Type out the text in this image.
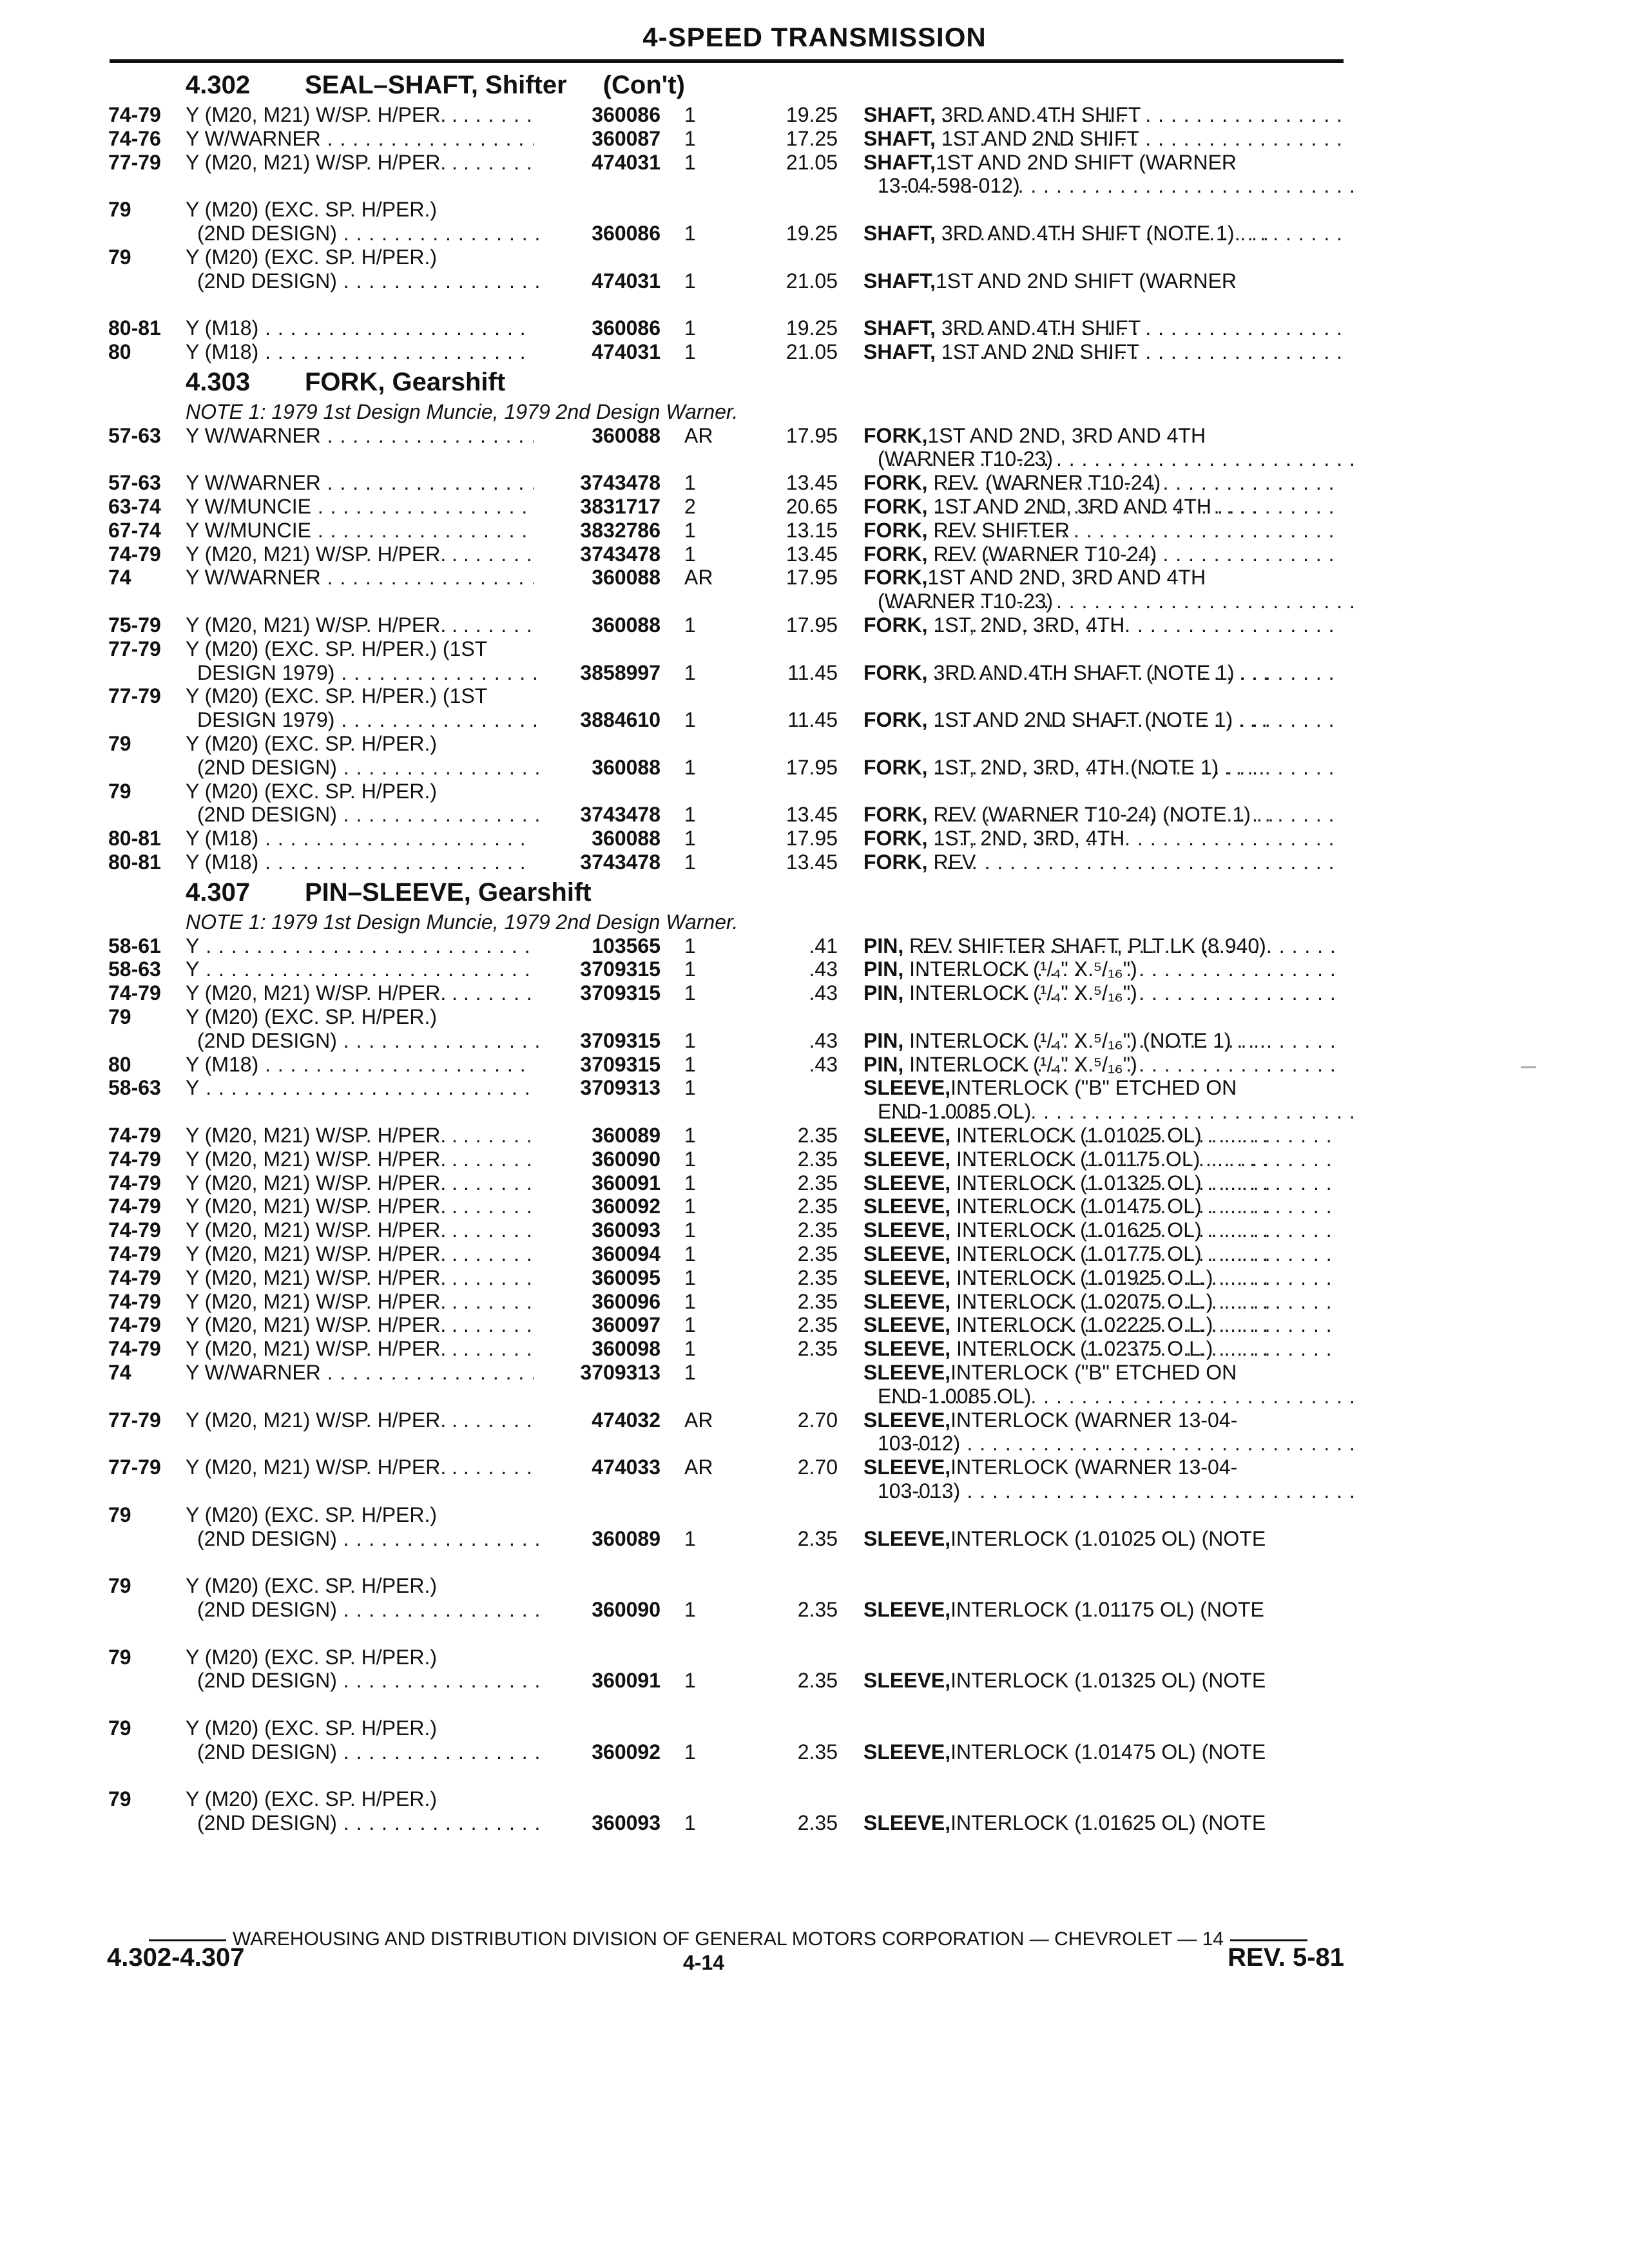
4-SPEED TRANSMISSION
4.302 SEAL–SHAFT, Shifter (Con't)
74-79 Y (M20, M21) W/SP. H/PER. . . . . .	360086 1	19.25 SHAFT, 3RD AND 4TH SHIFT
. . .
74-76 Y W/WARNER . . .	360087 1	17.25 SHAFT, 1ST AND 2ND SHIFT
. . .
77-79 Y (M20, M21) W/SP. H/PER. . . . . .	474031 1	21.05 SHAFT, 1ST AND 2ND SHIFT (WARNER
13-04-598-012)
. . .
79	Y (M20) (EXC. SP. H/PER.)
(2ND DESIGN) . . .	360086 1	19.25 SHAFT, 3RD AND 4TH SHIFT (NOTE 1) . . .
. . .
79	Y (M20) (EXC. SP. H/PER.)
(2ND DESIGN) . . .	474031 1	21.05 SHAFT, 1ST AND 2ND SHIFT (WARNER
80-81 Y (M18) . . .	360086 1	19.25 SHAFT, 3RD AND 4TH SHIFT
. . .
80	Y (M18) . . .	474031 1	21.05 SHAFT, 1ST AND 2ND SHIFT
. . .
4.303 FORK, Gearshift
NOTE 1: 1979 1st Design Muncie, 1979 2nd Design Warner.
57-63 Y W/WARNER . . .	360088 AR	17.95 FORK, 1ST AND 2ND, 3RD AND 4TH
(WARNER T10-23)
. . .
57-63 Y W/WARNER . . .	3743478 1	13.45 FORK, REV. (WARNER T10-24)
. . .
63-74 Y W/MUNCIE . . .	3831717 2	20.65 FORK, 1ST AND 2ND, 3RD AND 4TH . . . .
. . .
67-74 Y W/MUNCIE . . .	3832786 1	13.15 FORK, REV SHIFTER
. . .
74-79 Y (M20, M21) W/SP. H/PER. . . . . .	3743478 1	13.45 FORK, REV (WARNER T10-24)
. . .
74	Y W/WARNER . . .	360088 AR	17.95 FORK, 1ST AND 2ND, 3RD AND 4TH
(WARNER T10-23)
. . .
75-79 Y (M20, M21) W/SP. H/PER. . . . . .	360088 1	17.95 FORK, 1ST, 2ND, 3RD, 4TH
. . .
77-79 Y (M20) (EXC. SP. H/PER.) (1ST
DESIGN 1979) . . .	3858997 1	11.45 FORK, 3RD AND 4TH SHAFT (NOTE 1) . . .
. . .
77-79 Y (M20) (EXC. SP. H/PER.) (1ST
DESIGN 1979) . . .	3884610 1	11.45 FORK, 1ST AND 2ND SHAFT (NOTE 1) . . .
. . .
79	Y (M20) (EXC. SP. H/PER.)
(2ND DESIGN) . . .	360088 1	17.95 FORK, 1ST, 2ND, 3RD, 4TH (NOTE 1) . . . .
. . .
79	Y (M20) (EXC. SP. H/PER.)
(2ND DESIGN) . . .	3743478 1	13.45 FORK, REV (WARNER T10-24) (NOTE 1) . .
. . .
80-81 Y (M18) . . .	360088 1	17.95 FORK, 1ST, 2ND, 3RD, 4TH
. . .
80-81 Y (M18) . . .	3743478 1	13.45 FORK, REV
. . .
4.307 PIN–SLEEVE, Gearshift
NOTE 1: 1979 1st Design Muncie, 1979 2nd Design Warner.
58-61 Y . . .	103565 1	.41 PIN, REV SHIFTER SHAFT, PLT LK (8.940)
. . .
58-63 Y . . .	3709315 1	.43 PIN, INTERLOCK (¹/₄" X ⁵/₁₆")
. . .
74-79 Y (M20, M21) W/SP. H/PER. . . . . .	3709315 1	.43 PIN, INTERLOCK (¹/₄" X ⁵/₁₆")
. . .
79	Y (M20) (EXC. SP. H/PER.)
(2ND DESIGN) . . .	3709315 1	.43 PIN, INTERLOCK (¹/₄" X ⁵/₁₆") (NOTE 1) . . .
. . .
80	Y (M18) . . .	3709315 1	.43 PIN, INTERLOCK (¹/₄" X ⁵/₁₆")
. . .
58-63 Y . . .	3709313 1	SLEEVE, INTERLOCK ("B" ETCHED ON
END-1.0085 OL)
. . .
74-79 Y (M20, M21) W/SP. H/PER. . . . . .	360089 1	2.35 SLEEVE, INTERLOCK (1.01025 OL) . . . . . .
. . .
74-79 Y (M20, M21) W/SP. H/PER. . . . . .	360090 1	2.35 SLEEVE, INTERLOCK (1.01175 OL) . . . . . .
. . .
74-79 Y (M20, M21) W/SP. H/PER. . . . . .	360091 1	2.35 SLEEVE, INTERLOCK (1.01325 OL) . . . . . .
. . .
74-79 Y (M20, M21) W/SP. H/PER. . . . . .	360092 1	2.35 SLEEVE, INTERLOCK (1.01475 OL) . . . . . .
. . .
74-79 Y (M20, M21) W/SP. H/PER. . . . . .	360093 1	2.35 SLEEVE, INTERLOCK (1.01625 OL) . . . . . .
. . .
74-79 Y (M20, M21) W/SP. H/PER. . . . . .	360094 1	2.35 SLEEVE, INTERLOCK (1.01775 OL) . . . . . .
. . .
74-79 Y (M20, M21) W/SP. H/PER. . . . . .	360095 1	2.35 SLEEVE, INTERLOCK (1.01925 O.L.) . . . . .
. . .
74-79 Y (M20, M21) W/SP. H/PER. . . . . .	360096 1	2.35 SLEEVE, INTERLOCK (1.02075 O.L.) . . . . .
. . .
74-79 Y (M20, M21) W/SP. H/PER. . . . . .	360097 1	2.35 SLEEVE, INTERLOCK (1.02225 O.L.) . . . . .
. . .
74-79 Y (M20, M21) W/SP. H/PER. . . . . .	360098 1	2.35 SLEEVE, INTERLOCK (1.02375 O.L.) . . . . .
. . .
74	Y W/WARNER . . .	3709313 1	SLEEVE, INTERLOCK ("B" ETCHED ON
END-1.0085 OL)
. . .
77-79 Y (M20, M21) W/SP. H/PER. . . . . .	474032 AR	2.70 SLEEVE, INTERLOCK (WARNER 13-04-
103-012)
. . .
77-79 Y (M20, M21) W/SP. H/PER. . . . . .	474033 AR	2.70 SLEEVE, INTERLOCK (WARNER 13-04-
103-013)
. . .
79	Y (M20) (EXC. SP. H/PER.)
(2ND DESIGN) . . .	360089 1	2.35 SLEEVE, INTERLOCK (1.01025 OL) (NOTE
79	Y (M20) (EXC. SP. H/PER.)
(2ND DESIGN) . . .	360090 1	2.35 SLEEVE, INTERLOCK (1.01175 OL) (NOTE
79	Y (M20) (EXC. SP. H/PER.)
(2ND DESIGN) . . .	360091 1	2.35 SLEEVE, INTERLOCK (1.01325 OL) (NOTE
79	Y (M20) (EXC. SP. H/PER.)
(2ND DESIGN) . . .	360092 1	2.35 SLEEVE, INTERLOCK (1.01475 OL) (NOTE
79	Y (M20) (EXC. SP. H/PER.)
(2ND DESIGN) . . .	360093 1	2.35 SLEEVE, INTERLOCK (1.01625 OL) (NOTE
WAREHOUSING AND DISTRIBUTION DIVISION OF GENERAL MOTORS CORPORATION — CHEVROLET — 14
4.302-4.307	4-14	REV. 5-81
